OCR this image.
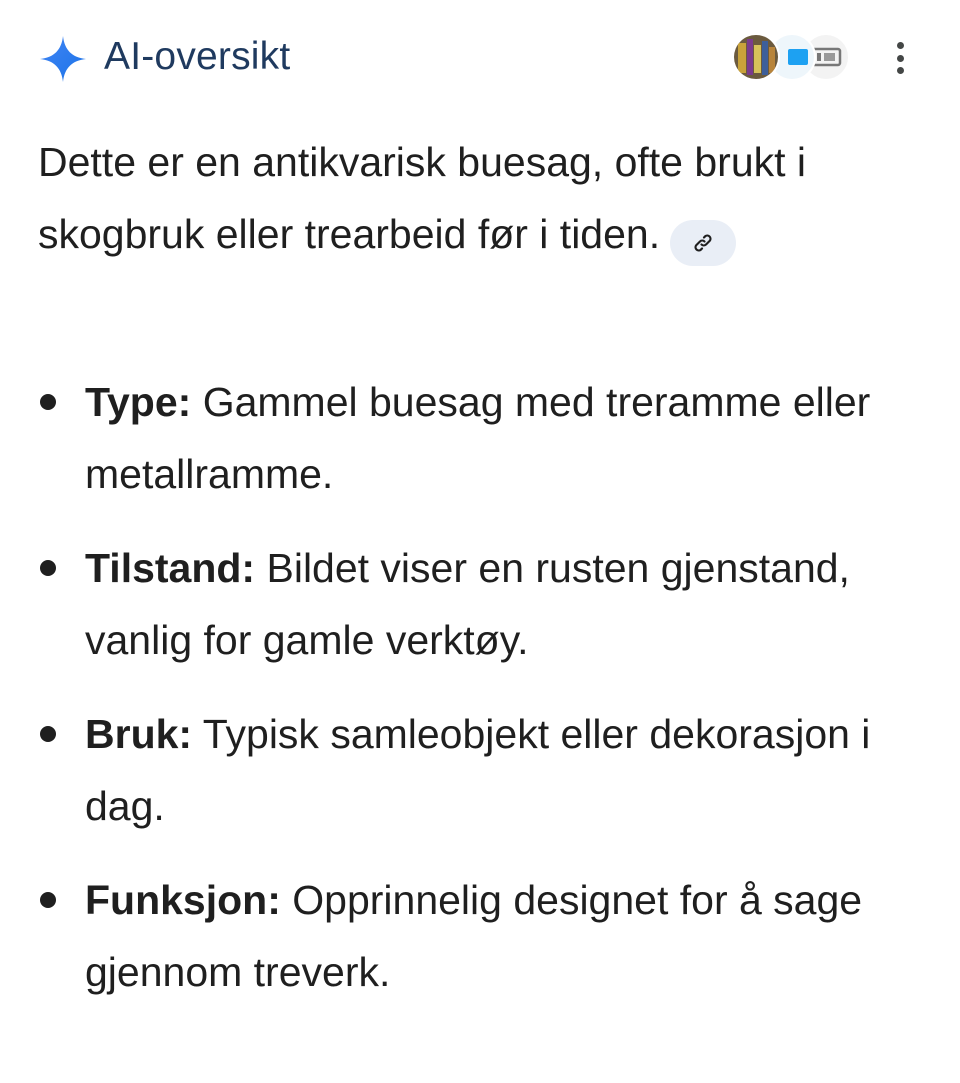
AI-oversikt
Dette er en antikvarisk buesag, ofte brukt i skogbruk eller trearbeid før i tiden.
Type: Gammel buesag med treramme eller metallramme.
Tilstand: Bildet viser en rusten gjenstand, vanlig for gamle verktøy.
Bruk: Typisk samleobjekt eller dekorasjon i dag.
Funksjon: Opprinnelig designet for å sage gjennom treverk.
